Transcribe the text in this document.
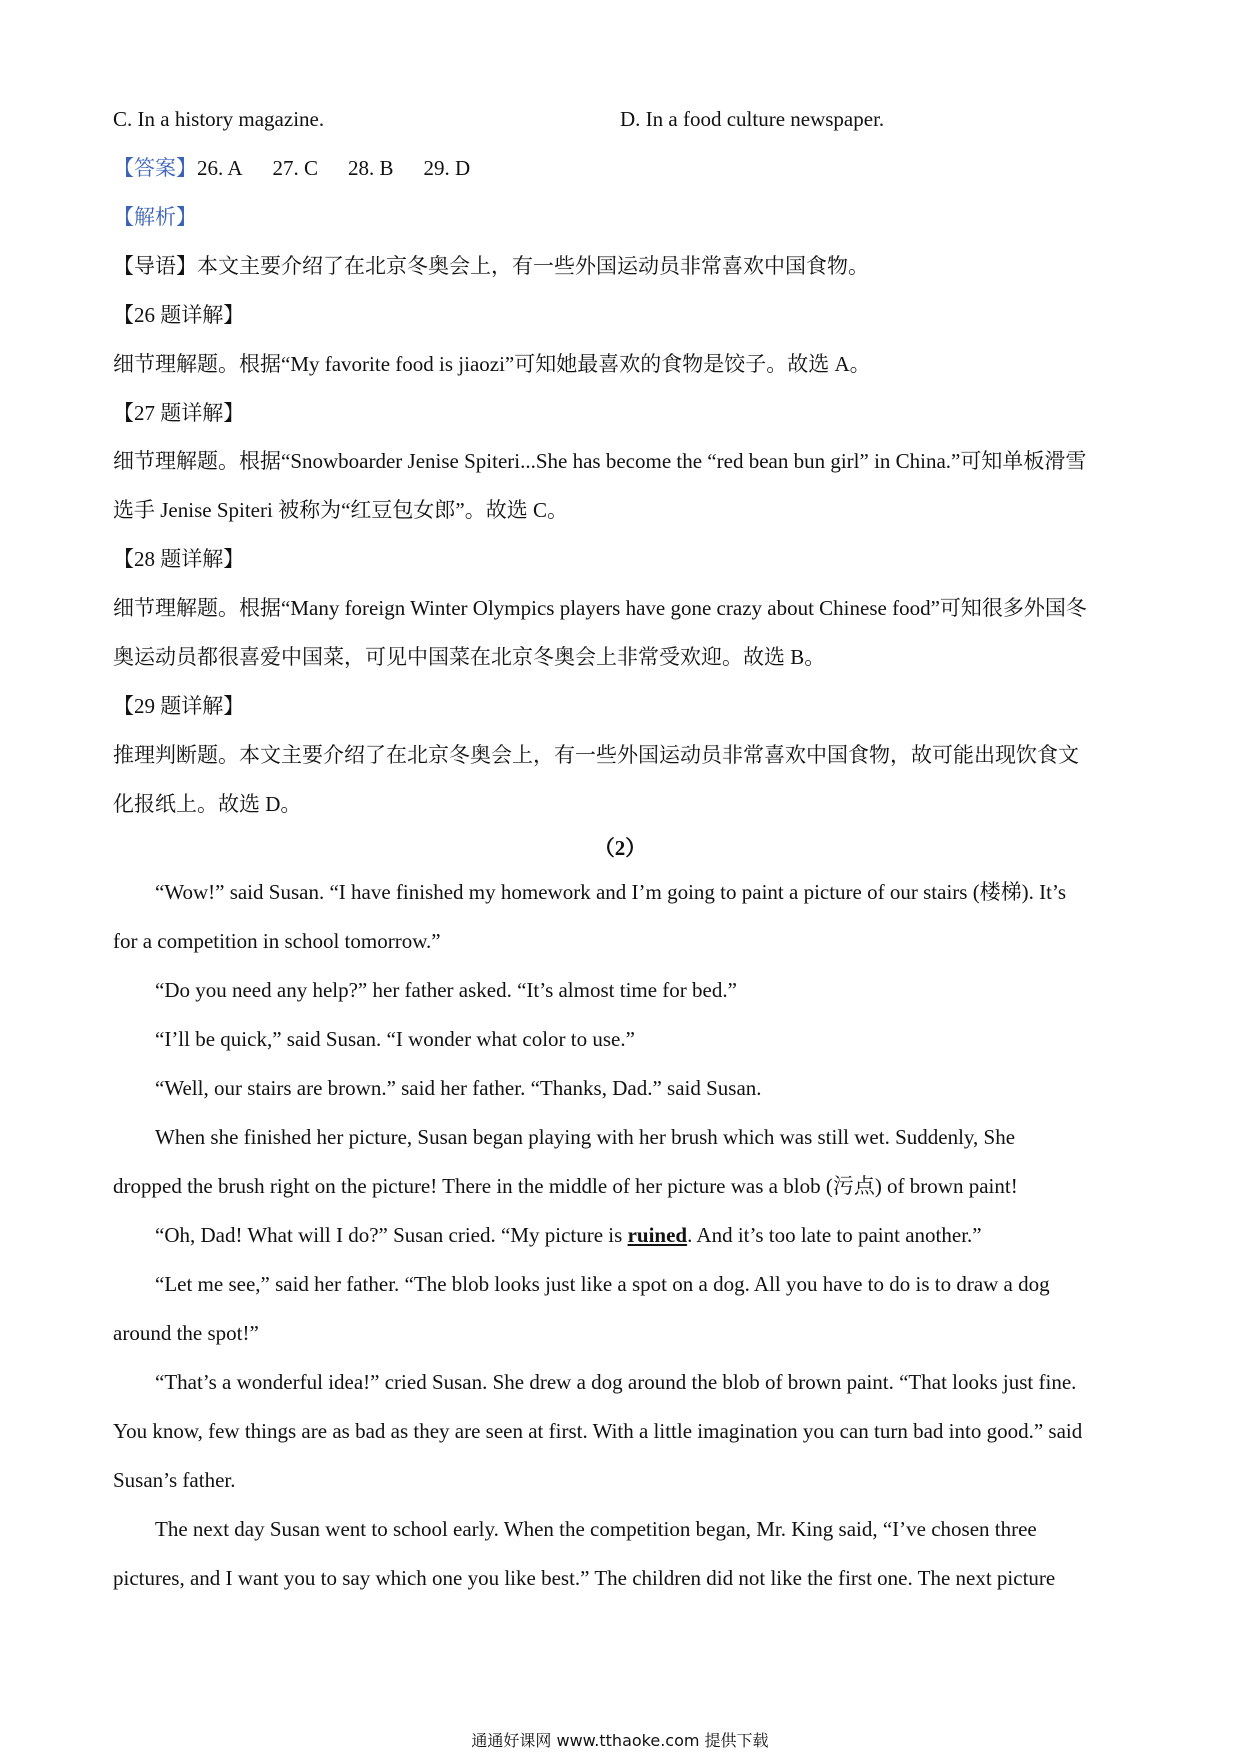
C. In a history magazine.	D. In a food culture newspaper.
【答案】26. A 27. C 28. B 29. D
【解析】
【导语】本文主要介绍了在北京冬奥会上，有一些外国运动员非常喜欢中国食物。
【26 题详解】
细节理解题。根据“My favorite food is jiaozi”可知她最喜欢的食物是饺子。故选 A。
【27 题详解】
细节理解题。根据“Snowboarder Jenise Spiteri...She has become the “red bean bun girl” in China.”可知单板滑雪
选手 Jenise Spiteri 被称为“红豆包女郎”。故选 C。
【28 题详解】
细节理解题。根据“Many foreign Winter Olympics players have gone crazy about Chinese food”可知很多外国冬
奥运动员都很喜爱中国菜，可见中国菜在北京冬奥会上非常受欢迎。故选 B。
【29 题详解】
推理判断题。本文主要介绍了在北京冬奥会上，有一些外国运动员非常喜欢中国食物，故可能出现饮食文
化报纸上。故选 D。
（2）
“Wow!” said Susan. “I have finished my homework and I’m going to paint a picture of our stairs (楼梯). It’s
for a competition in school tomorrow.”
“Do you need any help?” her father asked. “It’s almost time for bed.”
“I’ll be quick,” said Susan. “I wonder what color to use.”
“Well, our stairs are brown.” said her father. “Thanks, Dad.” said Susan.
When she finished her picture, Susan began playing with her brush which was still wet. Suddenly, She
dropped the brush right on the picture! There in the middle of her picture was a blob (污点) of brown paint!
“Oh, Dad! What will I do?” Susan cried. “My picture is ruined. And it’s too late to paint another.”
“Let me see,” said her father. “The blob looks just like a spot on a dog. All you have to do is to draw a dog
around the spot!”
“That’s a wonderful idea!” cried Susan. She drew a dog around the blob of brown paint. “That looks just fine.
You know, few things are as bad as they are seen at first. With a little imagination you can turn bad into good.” said
Susan’s father.
The next day Susan went to school early. When the competition began, Mr. King said, “I’ve chosen three
pictures, and I want you to say which one you like best.” The children did not like the first one. The next picture
通通好课网 www.tthaoke.com 提供下载
